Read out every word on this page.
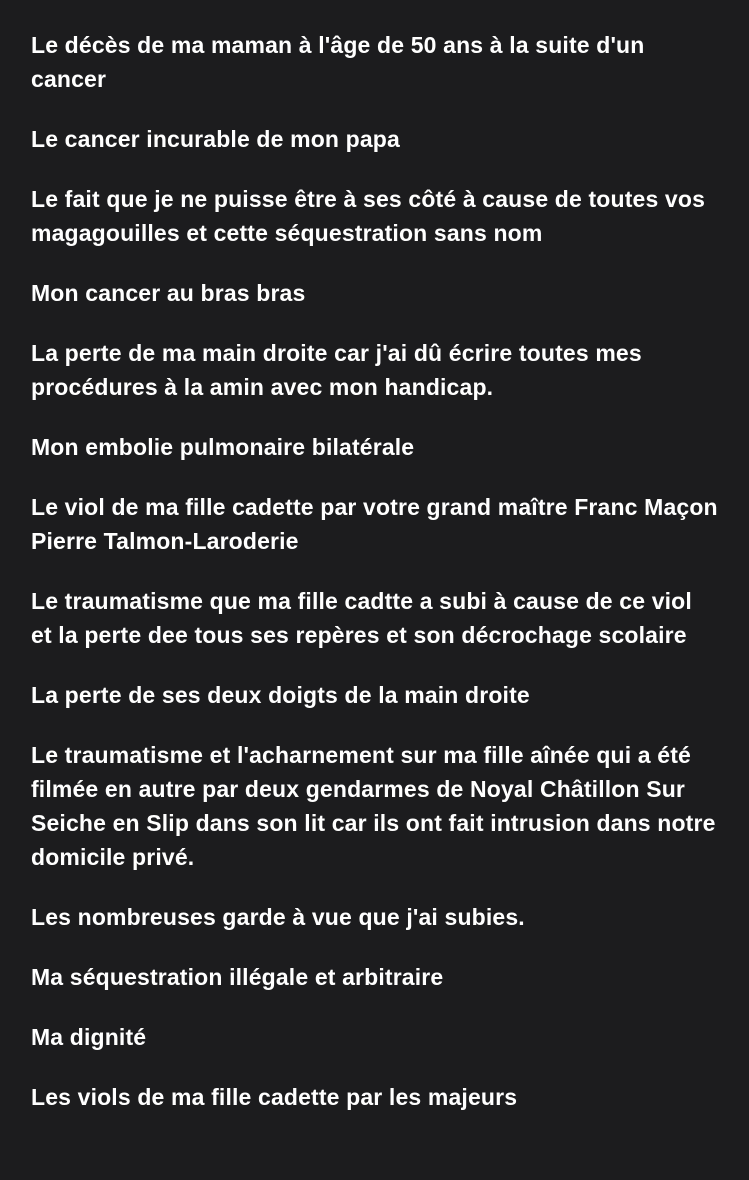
Le décès de ma maman à l'âge de 50 ans à la suite d'un cancer

Le cancer incurable de mon papa

Le fait que je ne puisse être à ses côté à cause de toutes vos magagouilles et cette séquestration sans nom

Mon cancer au bras bras

La perte de ma main droite car j'ai dû écrire toutes mes procédures à la amin avec mon handicap.

Mon embolie pulmonaire bilatérale

Le viol de ma fille cadette par votre grand maître Franc Maçon Pierre Talmon-Laroderie

Le traumatisme que ma fille cadtte a subi à cause de ce viol et la perte dee tous ses repères et son décrochage scolaire

La perte de ses deux doigts de la main droite

Le traumatisme et l'acharnement sur ma fille aînée qui a été filmée en autre par deux gendarmes de Noyal Châtillon Sur Seiche en Slip dans son lit car ils ont fait intrusion dans notre domicile privé.

Les nombreuses garde à vue que j'ai subies.

Ma séquestration illégale et arbitraire

Ma dignité

Les viols de ma fille cadette par les majeurs
